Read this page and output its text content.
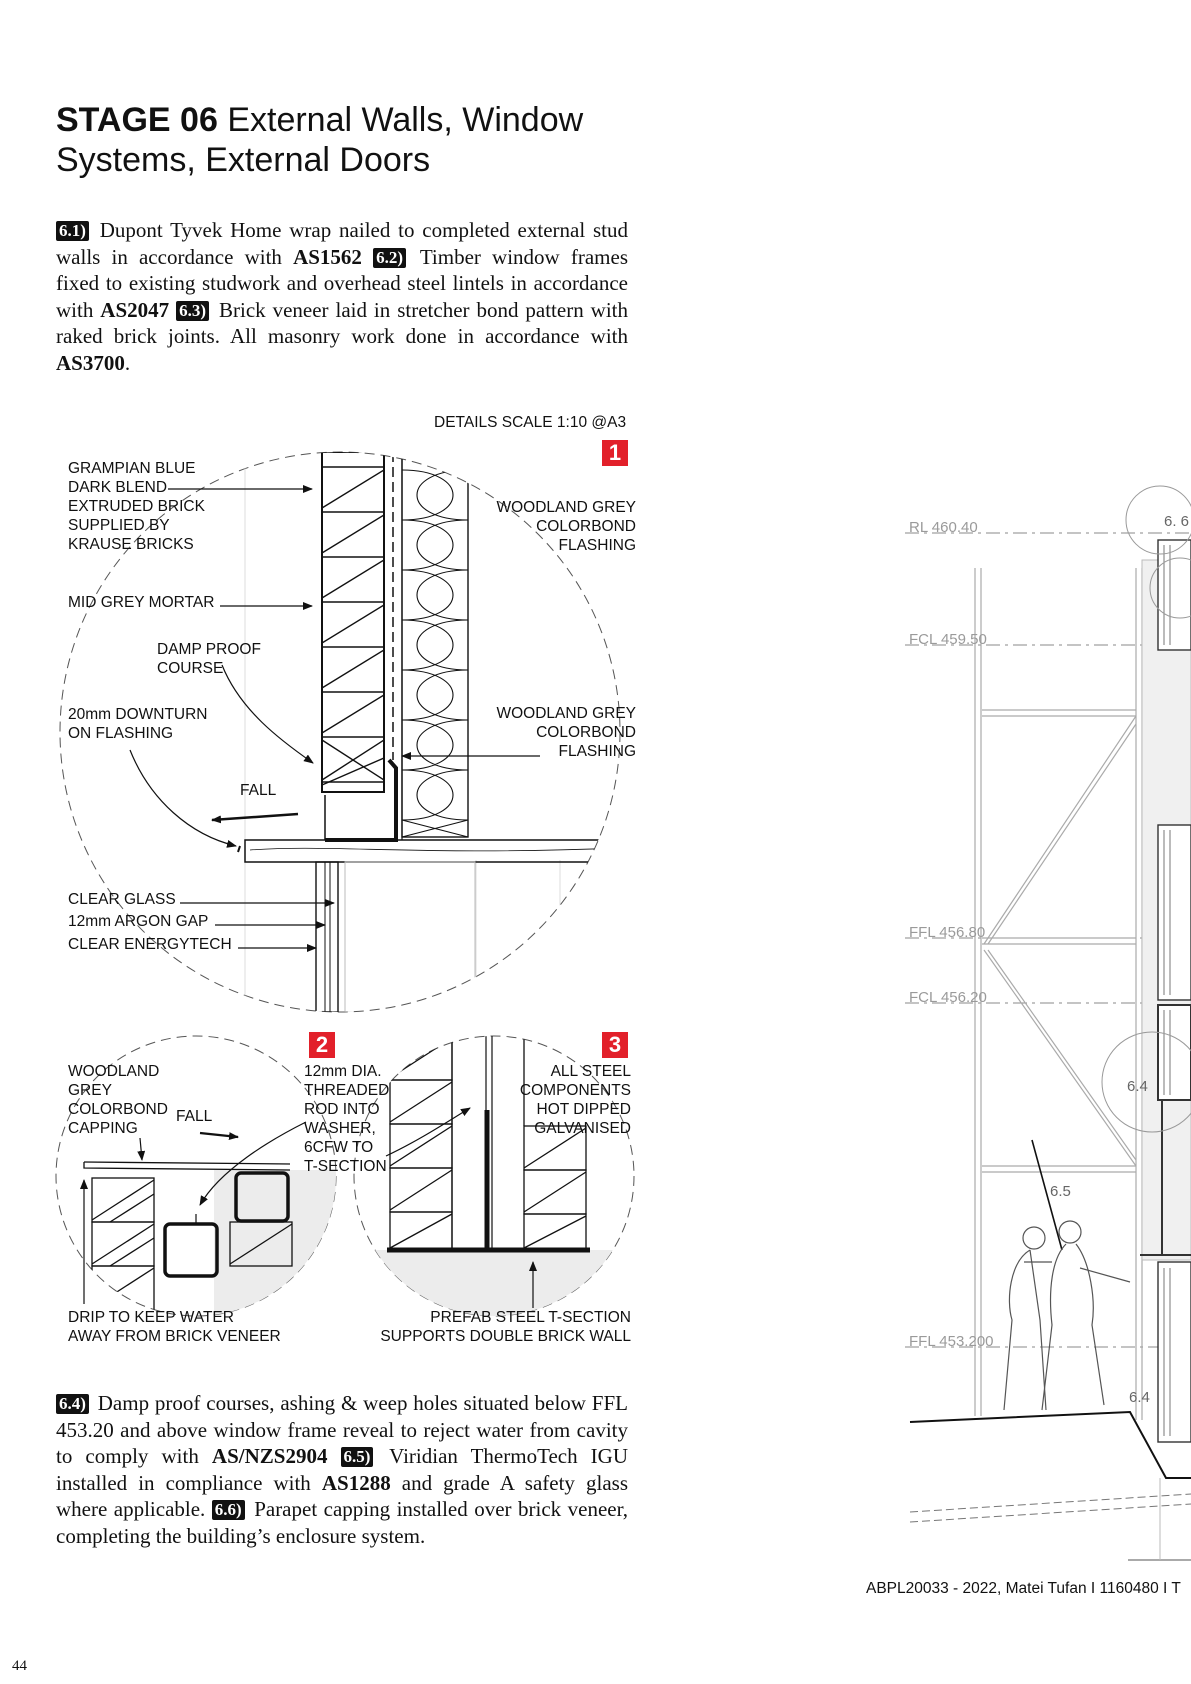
STAGE 06 External Walls, Window Systems, External Doors
6.1) Dupont Tyvek Home wrap nailed to completed external stud walls in accordance with AS1562 6.2) Timber window frames fixed to existing studwork and overhead steel lintels in accordance with AS2047 6.3) Brick veneer laid in stretcher bond pattern with raked brick joints. All masonry work done in accordance with AS3700.
DETAILS SCALE 1:10 @A3
1
2	3
GRAMPIAN BLUE
DARK BLEND
EXTRUDED BRICK
SUPPLIED BY
KRAUSE BRICKS
WOODLAND GREY
COLORBOND
FLASHING
MID GREY MORTAR
DAMP PROOF
COURSE
20mm DOWNTURN
ON FLASHING
WOODLAND GREY
COLORBOND
FLASHING
FALL
CLEAR GLASS
12mm ARGON GAP
CLEAR ENERGYTECH
WOODLAND
GREY
COLORBOND
CAPPING
FALL
12mm DIA.
THREADED
ROD INTO
WASHER,
6CFW TO
T-SECTION
DRIP TO KEEP WATER
AWAY FROM BRICK VENEER
ALL STEEL
COMPONENTS
HOT DIPPED
GALVANISED
PREFAB STEEL T-SECTION
SUPPORTS DOUBLE BRICK WALL
6.4) Damp proof courses, ashing & weep holes situated below FFL 453.20 and above window frame reveal to reject water from cavity to comply with AS/NZS2904 6.5) Viridian ThermoTech IGU installed in compliance with AS1288 and grade A safety glass where applicable. 6.6) Parapet capping installed over brick veneer, completing the building’s enclosure system.
RL 460.40
FCL 459.50
FFL 456.80
FCL 456.20
FFL 453.200
6. 6
6.4
6.5
6.4
ABPL20033 - 2022, Matei Tufan I 1160480 I T
44
